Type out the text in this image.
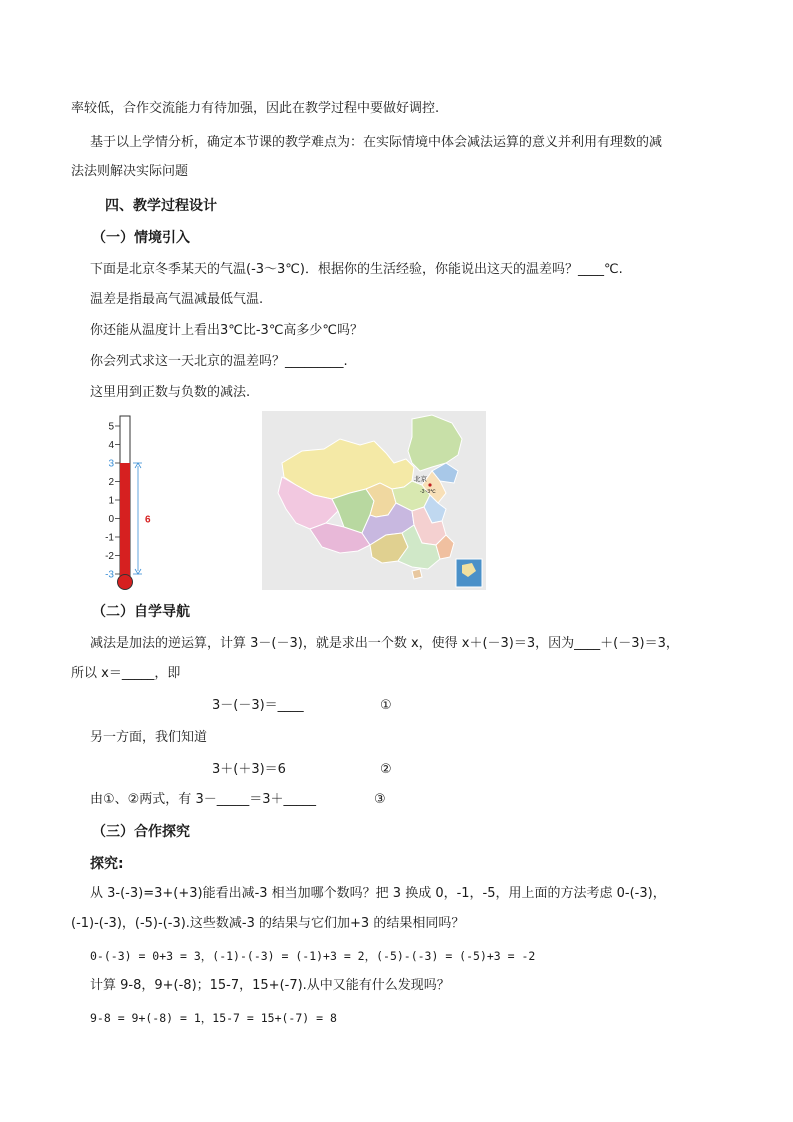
率较低，合作交流能力有待加强，因此在教学过程中要做好调控.
基于以上学情分析，确定本节课的教学难点为：在实际情境中体会减法运算的意义并利用有理数的减
法法则解决实际问题
四、教学过程设计
（一）情境引入
下面是北京冬季某天的气温(-3～3℃)．根据你的生活经验，你能说出这天的温差吗？____℃.
温差是指最高气温减最低气温.
你还能从温度计上看出3℃比-3℃高多少℃吗？
你会列式求这一天北京的温差吗？_________.
这里用到正数与负数的减法.
5
4
3
2
1
0
-1
-2
-3
6
北京
-3~3℃
（二）自学导航
减法是加法的逆运算，计算 3－(－3)，就是求出一个数 x，使得 x＋(－3)＝3，因为____＋(－3)＝3，
所以 x＝_____，即
3－(－3)＝____	①
另一方面，我们知道
3＋(＋3)＝6	②
由①、②两式，有 3－_____＝3＋_____	③
（三）合作探究
探究:
从 3-(-3)=3+(+3)能看出减-3 相当加哪个数吗？把 3 换成 0，-1，-5，用上面的方法考虑 0-(-3)，
(-1)-(-3)，(-5)-(-3).这些数减-3 的结果与它们加+3 的结果相同吗？
0-(-3) = 0+3 = 3，(-1)-(-3) = (-1)+3 = 2，(-5)-(-3) = (-5)+3 = -2
计算 9-8，9+(-8)；15-7，15+(-7).从中又能有什么发现吗？
9-8 = 9+(-8) = 1，15-7 = 15+(-7) = 8
